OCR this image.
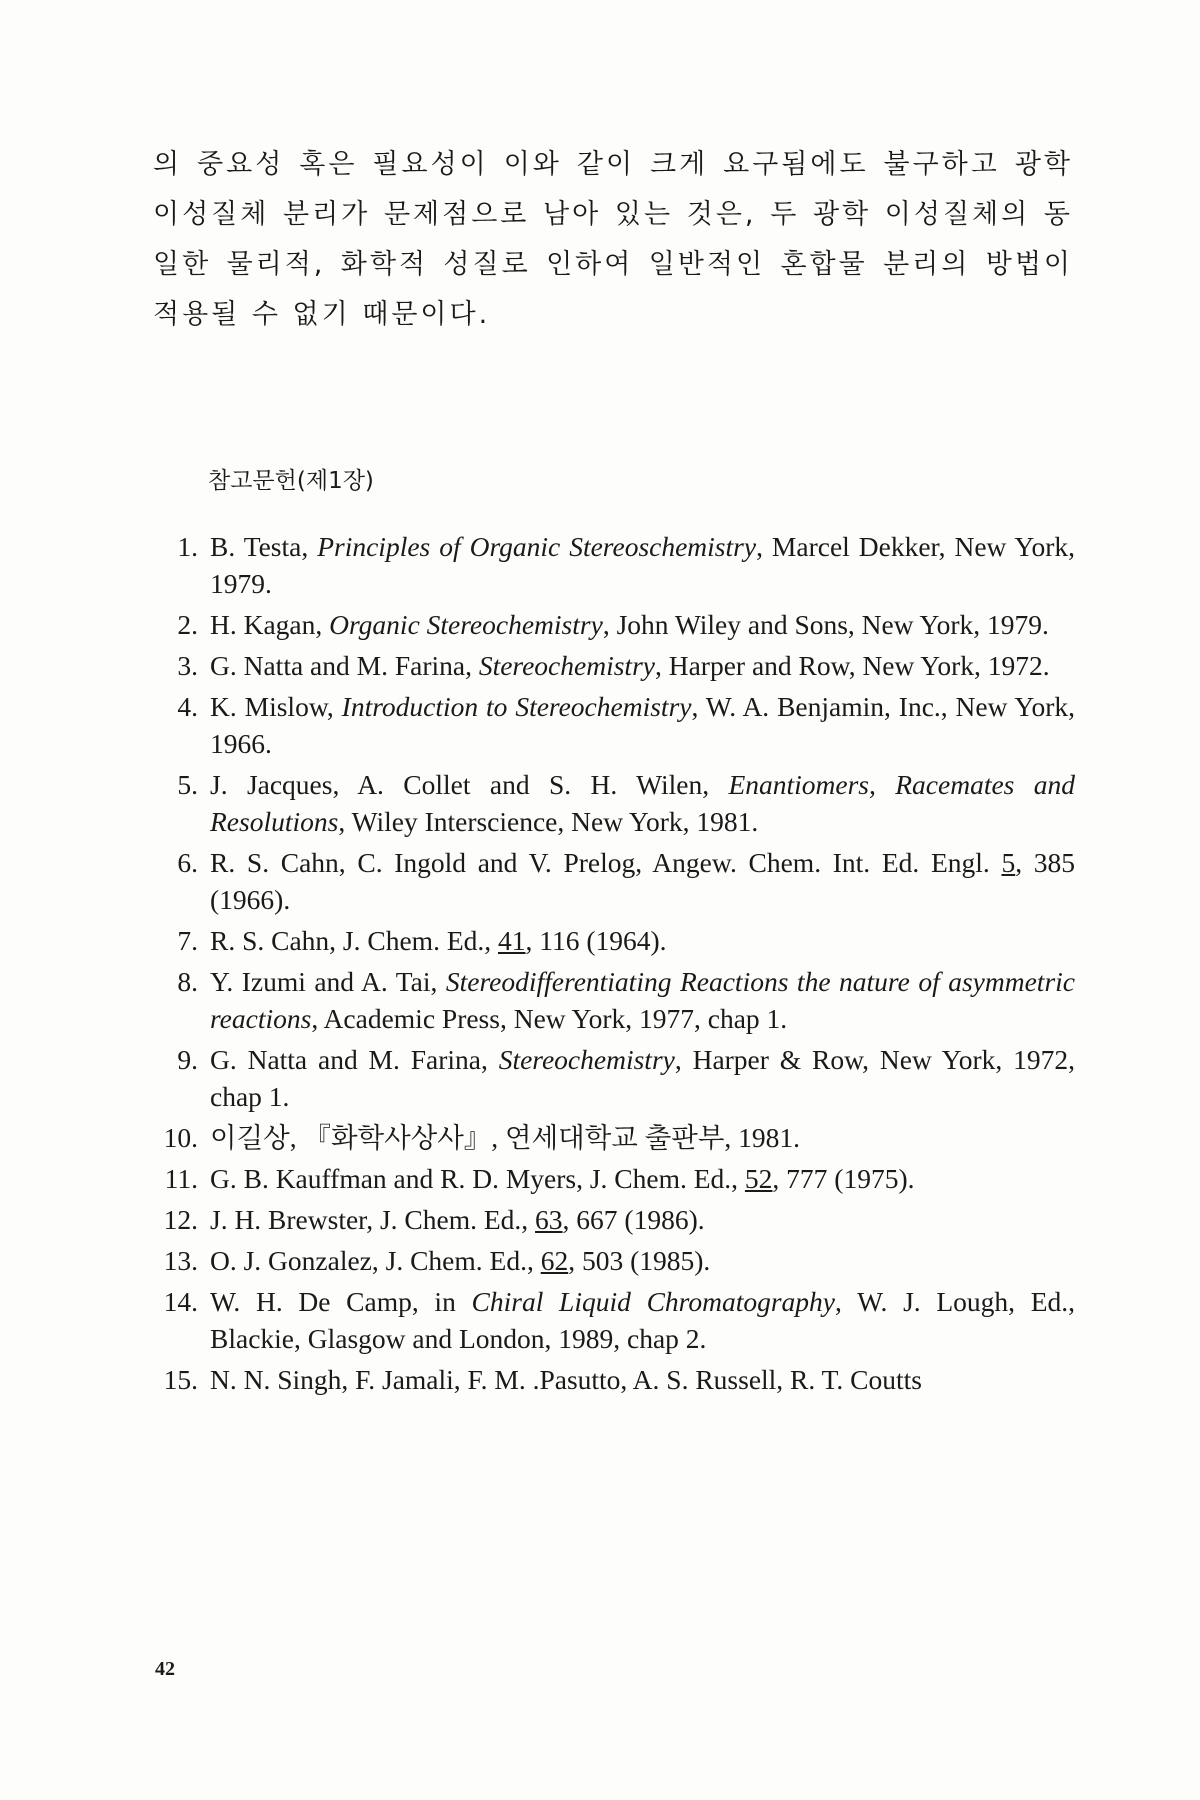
의 중요성 혹은 필요성이 이와 같이 크게 요구됨에도 불구하고 광학 이성질체 분리가 문제점으로 남아 있는 것은, 두 광학 이성질체의 동일한 물리적, 화학적 성질로 인하여 일반적인 혼합물 분리의 방법이 적용될 수 없기 때문이다.

참고문헌(제1장)
1. B. Testa, Principles of Organic Stereoschemistry, Marcel Dekker, New York, 1979.
2. H. Kagan, Organic Stereochemistry, John Wiley and Sons, New York, 1979.
3. G. Natta and M. Farina, Stereochemistry, Harper and Row, New York, 1972.
4. K. Mislow, Introduction to Stereochemistry, W. A. Benjamin, Inc., New York, 1966.
5. J. Jacques, A. Collet and S. H. Wilen, Enantiomers, Racemates and Resolutions, Wiley Interscience, New York, 1981.
6. R. S. Cahn, C. Ingold and V. Prelog, Angew. Chem. Int. Ed. Engl. 5, 385 (1966).
7. R. S. Cahn, J. Chem. Ed., 41, 116 (1964).
8. Y. Izumi and A. Tai, Stereodifferentiating Reactions the nature of asymmetric reactions, Academic Press, New York, 1977, chap 1.
9. G. Natta and M. Farina, Stereochemistry, Harper & Row, New York, 1972, chap 1.
10. 이길상, 『화학사상사』, 연세대학교 출판부, 1981.
11. G. B. Kauffman and R. D. Myers, J. Chem. Ed., 52, 777 (1975).
12. J. H. Brewster, J. Chem. Ed., 63, 667 (1986).
13. O. J. Gonzalez, J. Chem. Ed., 62, 503 (1985).
14. W. H. De Camp, in Chiral Liquid Chromatography, W. J. Lough, Ed., Blackie, Glasgow and London, 1989, chap 2.
15. N. N. Singh, F. Jamali, F. M. .Pasutto, A. S. Russell, R. T. Coutts
42
